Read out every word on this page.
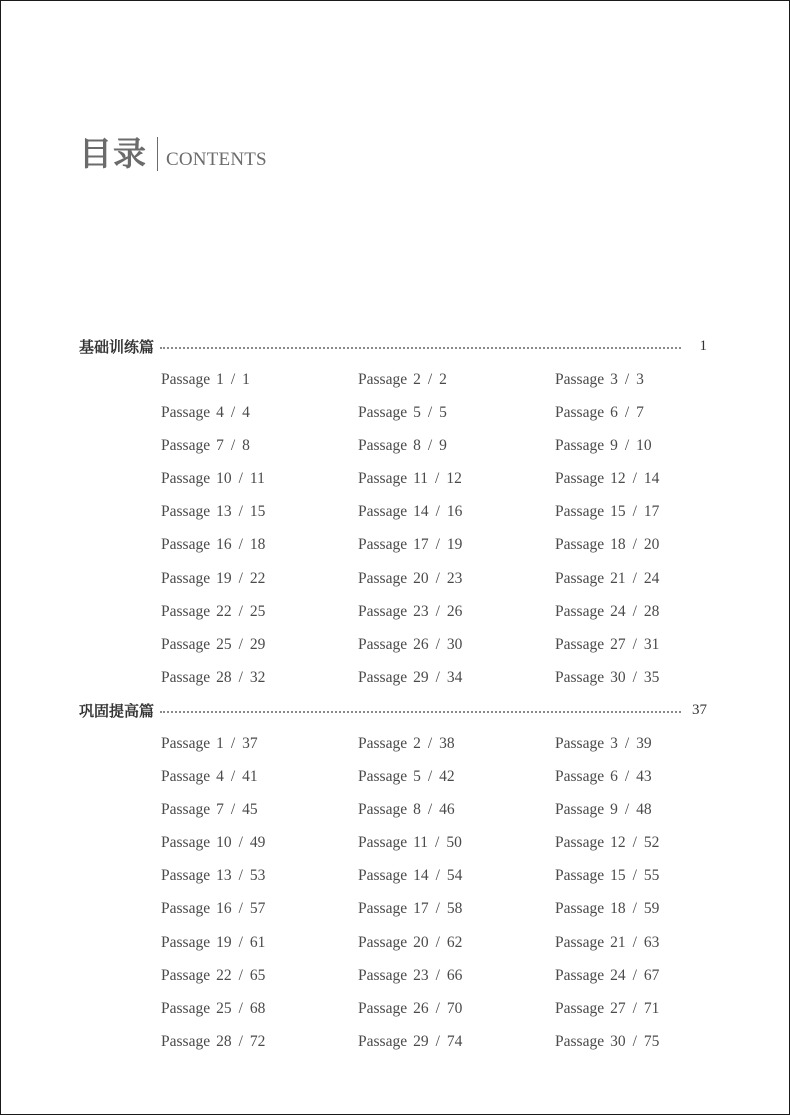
目录 CONTENTS
基础训练篇	1
Passage 1 / 1	Passage 2 / 2	Passage 3 / 3
Passage 4 / 4	Passage 5 / 5	Passage 6 / 7
Passage 7 / 8	Passage 8 / 9	Passage 9 / 10
Passage 10 / 11	Passage 11 / 12	Passage 12 / 14
Passage 13 / 15	Passage 14 / 16	Passage 15 / 17
Passage 16 / 18	Passage 17 / 19	Passage 18 / 20
Passage 19 / 22	Passage 20 / 23	Passage 21 / 24
Passage 22 / 25	Passage 23 / 26	Passage 24 / 28
Passage 25 / 29	Passage 26 / 30	Passage 27 / 31
Passage 28 / 32	Passage 29 / 34	Passage 30 / 35
巩固提高篇	37
Passage 1 / 37	Passage 2 / 38	Passage 3 / 39
Passage 4 / 41	Passage 5 / 42	Passage 6 / 43
Passage 7 / 45	Passage 8 / 46	Passage 9 / 48
Passage 10 / 49	Passage 11 / 50	Passage 12 / 52
Passage 13 / 53	Passage 14 / 54	Passage 15 / 55
Passage 16 / 57	Passage 17 / 58	Passage 18 / 59
Passage 19 / 61	Passage 20 / 62	Passage 21 / 63
Passage 22 / 65	Passage 23 / 66	Passage 24 / 67
Passage 25 / 68	Passage 26 / 70	Passage 27 / 71
Passage 28 / 72	Passage 29 / 74	Passage 30 / 75
